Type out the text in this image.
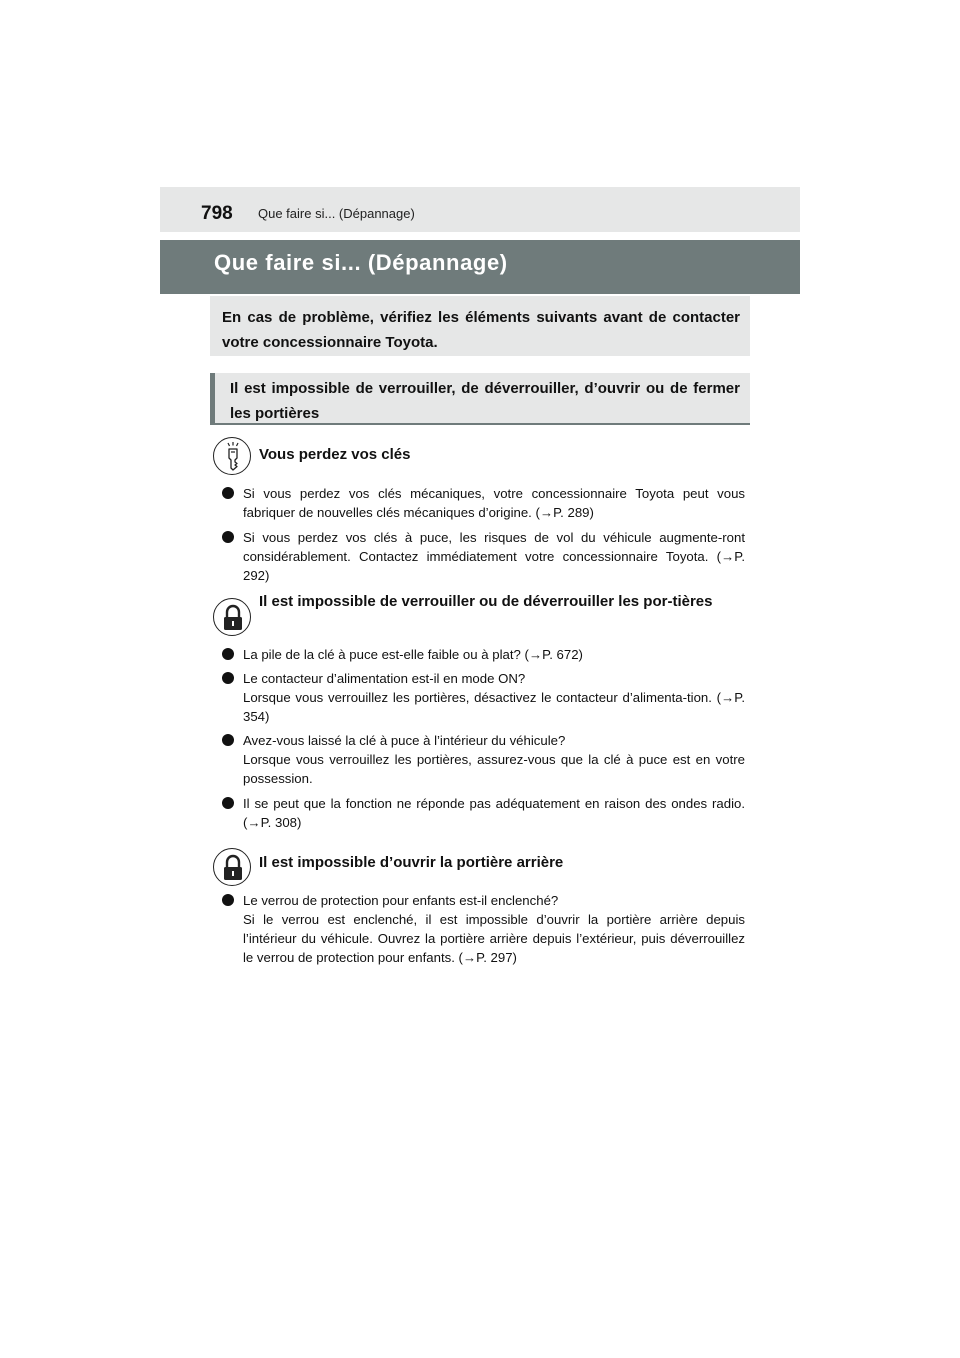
798 Que faire si... (Dépannage)
Que faire si... (Dépannage)
En cas de problème, vérifiez les éléments suivants avant de contacter votre concessionnaire Toyota.
Il est impossible de verrouiller, de déverrouiller, d’ouvrir ou de fermer les portières
Vous perdez vos clés
Si vous perdez vos clés mécaniques, votre concessionnaire Toyota peut vous fabriquer de nouvelles clés mécaniques d’origine. (→P. 289)
Si vous perdez vos clés à puce, les risques de vol du véhicule augmente-ront considérablement. Contactez immédiatement votre concessionnaire Toyota. (→P. 292)
Il est impossible de verrouiller ou de déverrouiller les por-tières
La pile de la clé à puce est-elle faible ou à plat? (→P. 672)
Le contacteur d’alimentation est-il en mode ON?
Lorsque vous verrouillez les portières, désactivez le contacteur d’alimenta-tion. (→P. 354)
Avez-vous laissé la clé à puce à l’intérieur du véhicule?
Lorsque vous verrouillez les portières, assurez-vous que la clé à puce est en votre possession.
Il se peut que la fonction ne réponde pas adéquatement en raison des ondes radio. (→P. 308)
Il est impossible d’ouvrir la portière arrière
Le verrou de protection pour enfants est-il enclenché?
Si le verrou est enclenché, il est impossible d’ouvrir la portière arrière depuis l’intérieur du véhicule. Ouvrez la portière arrière depuis l’extérieur, puis déverrouillez le verrou de protection pour enfants. (→P. 297)
